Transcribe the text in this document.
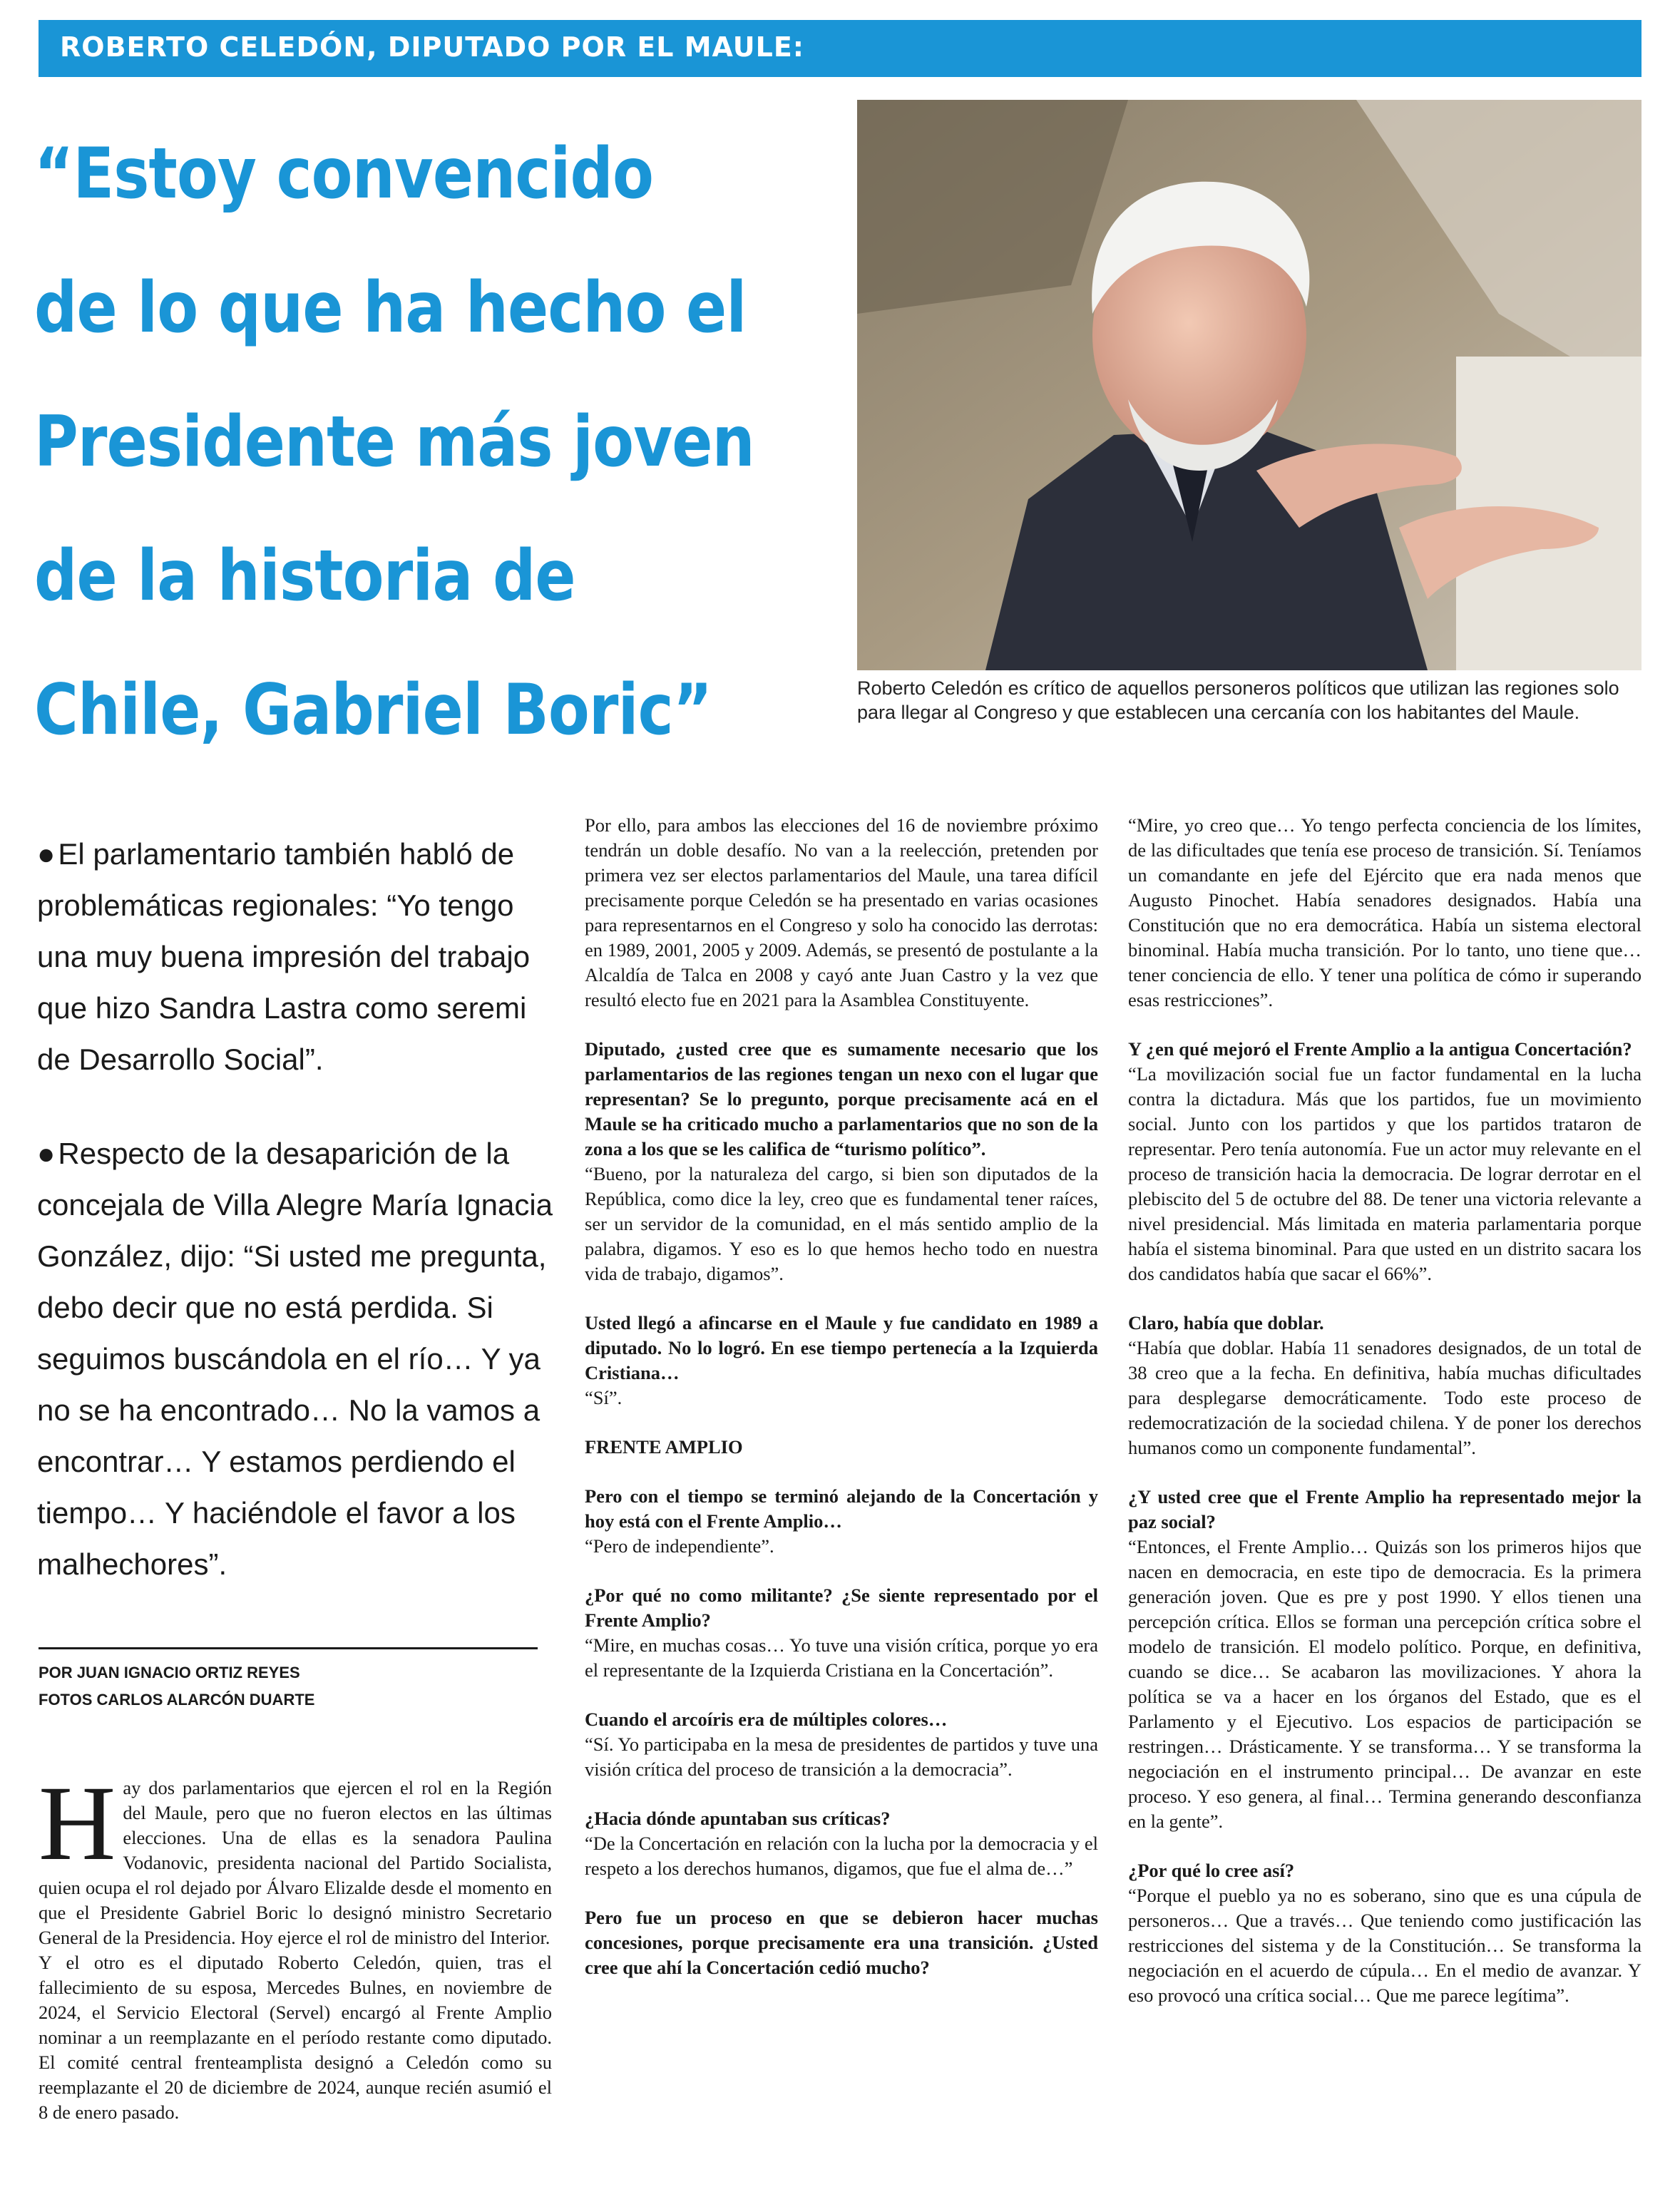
ROBERTO CELEDÓN, DIPUTADO POR EL MAULE:
“Estoy convencido
de lo que ha hecho el
Presidente más joven
de la historia de
Chile, Gabriel Boric”	Roberto Celedón es crítico de aquellos personeros políticos que utilizan las regiones solo para llegar al Congreso y que establecen una cercanía con los habitantes del Maule.
●El parlamentario también habló de problemáticas regionales: “Yo tengo una muy buena impresión del trabajo que hizo Sandra Lastra como seremi de Desarrollo Social”.
●Respecto de la desaparición de la concejala de Villa Alegre María Ignacia González, dijo: “Si usted me pregunta, debo decir que no está perdida. Si seguimos buscándola en el río… Y ya no se ha encontrado… No la vamos a encontrar… Y estamos perdiendo el tiempo… Y haciéndole el favor a los malhechores”.
POR JUAN IGNACIO ORTIZ REYES
FOTOS CARLOS ALARCÓN DUARTE

Hay dos parlamentarios que ejercen el rol en la Región del Maule, pero que no fueron electos en las últimas elecciones. Una de ellas es la senadora Paulina Vodanovic, presidenta nacional del Partido Socialista, quien ocupa el rol dejado por Álvaro Elizalde desde el momento en que el Presidente Gabriel Boric lo designó ministro Secretario General de la Presidencia. Hoy ejerce el rol de ministro del Interior.

Y el otro es el diputado Roberto Celedón, quien, tras el fallecimiento de su esposa, Mercedes Bulnes, en noviembre de 2024, el Servicio Electoral (Servel) encargó al Frente Amplio nominar a un reemplazante en el período restante como diputado. El comité central frenteamplista designó a Celedón como su reemplazante el 20 de diciembre de 2024, aunque recién asumió el 8 de enero pasado.

Por ello, para ambos las elecciones del 16 de noviembre próximo tendrán un doble desafío. No van a la reelección, pretenden por primera vez ser electos parlamentarios del Maule, una tarea difícil precisamente porque Celedón se ha presentado en varias ocasiones para representarnos en el Congreso y solo ha conocido las derrotas: en 1989, 2001, 2005 y 2009. Además, se presentó de postulante a la Alcaldía de Talca en 2008 y cayó ante Juan Castro y la vez que resultó electo fue en 2021 para la Asamblea Constituyente.

Diputado, ¿usted cree que es sumamente necesario que los parlamentarios de las regiones tengan un nexo con el lugar que representan? Se lo pregunto, porque precisamente acá en el Maule se ha criticado mucho a parlamentarios que no son de la zona a los que se les califica de “turismo político”.
“Bueno, por la naturaleza del cargo, si bien son diputados de la República, como dice la ley, creo que es fundamental tener raíces, ser un servidor de la comunidad, en el más sentido amplio de la palabra, digamos. Y eso es lo que hemos hecho todo en nuestra vida de trabajo, digamos”.

Usted llegó a afincarse en el Maule y fue candidato en 1989 a diputado. No lo logró. En ese tiempo pertenecía a la Izquierda Cristiana…
“Sí”.

FRENTE AMPLIO

Pero con el tiempo se terminó alejando de la Concertación y hoy está con el Frente Amplio…
“Pero de independiente”.

¿Por qué no como militante? ¿Se siente representado por el Frente Amplio?
“Mire, en muchas cosas… Yo tuve una visión crítica, porque yo era el representante de la Izquierda Cristiana en la Concertación”.

Cuando el arcoíris era de múltiples colores…
“Sí. Yo participaba en la mesa de presidentes de partidos y tuve una visión crítica del proceso de transición a la democracia”.

¿Hacia dónde apuntaban sus críticas?
“De la Concertación en relación con la lucha por la democracia y el respeto a los derechos humanos, digamos, que fue el alma de…”

Pero fue un proceso en que se debieron hacer muchas concesiones, porque precisamente era una transición. ¿Usted cree que ahí la Concertación cedió mucho?

“Mire, yo creo que… Yo tengo perfecta conciencia de los límites, de las dificultades que tenía ese proceso de transición. Sí. Teníamos un comandante en jefe del Ejército que era nada menos que Augusto Pinochet. Había senadores designados. Había una Constitución que no era democrática. Había un sistema electoral binominal. Había mucha transición. Por lo tanto, uno tiene que… tener conciencia de ello. Y tener una política de cómo ir superando esas restricciones”.

Y ¿en qué mejoró el Frente Amplio a la antigua Concertación?
“La movilización social fue un factor fundamental en la lucha contra la dictadura. Más que los partidos, fue un movimiento social. Junto con los partidos y que los partidos trataron de representar. Pero tenía autonomía. Fue un actor muy relevante en el proceso de transición hacia la democracia. De lograr derrotar en el plebiscito del 5 de octubre del 88. De tener una victoria relevante a nivel presidencial. Más limitada en materia parlamentaria porque había el sistema binominal. Para que usted en un distrito sacara los dos candidatos había que sacar el 66%”.

Claro, había que doblar.
“Había que doblar. Había 11 senadores designados, de un total de 38 creo que a la fecha. En definitiva, había muchas dificultades para desplegarse democráticamente. Todo este proceso de redemocratización de la sociedad chilena. Y de poner los derechos humanos como un componente fundamental”.

¿Y usted cree que el Frente Amplio ha representado mejor la paz social?
“Entonces, el Frente Amplio… Quizás son los primeros hijos que nacen en democracia, en este tipo de democracia. Es la primera generación joven. Que es pre y post 1990. Y ellos tienen una percepción crítica. Ellos se forman una percepción crítica sobre el modelo de transición. El modelo político. Porque, en definitiva, cuando se dice… Se acabaron las movilizaciones. Y ahora la política se va a hacer en los órganos del Estado, que es el Parlamento y el Ejecutivo. Los espacios de participación se restringen… Drásticamente. Y se transforma… Y se transforma la negociación en el instrumento principal… De avanzar en este proceso. Y eso genera, al final… Termina generando desconfianza en la gente”.

¿Por qué lo cree así?
“Porque el pueblo ya no es soberano, sino que es una cúpula de personeros… Que a través… Que teniendo como justificación las restricciones del sistema y de la Constitución… Se transforma la negociación en el acuerdo de cúpula… En el medio de avanzar. Y eso provocó una crítica social… Que me parece legítima”.
